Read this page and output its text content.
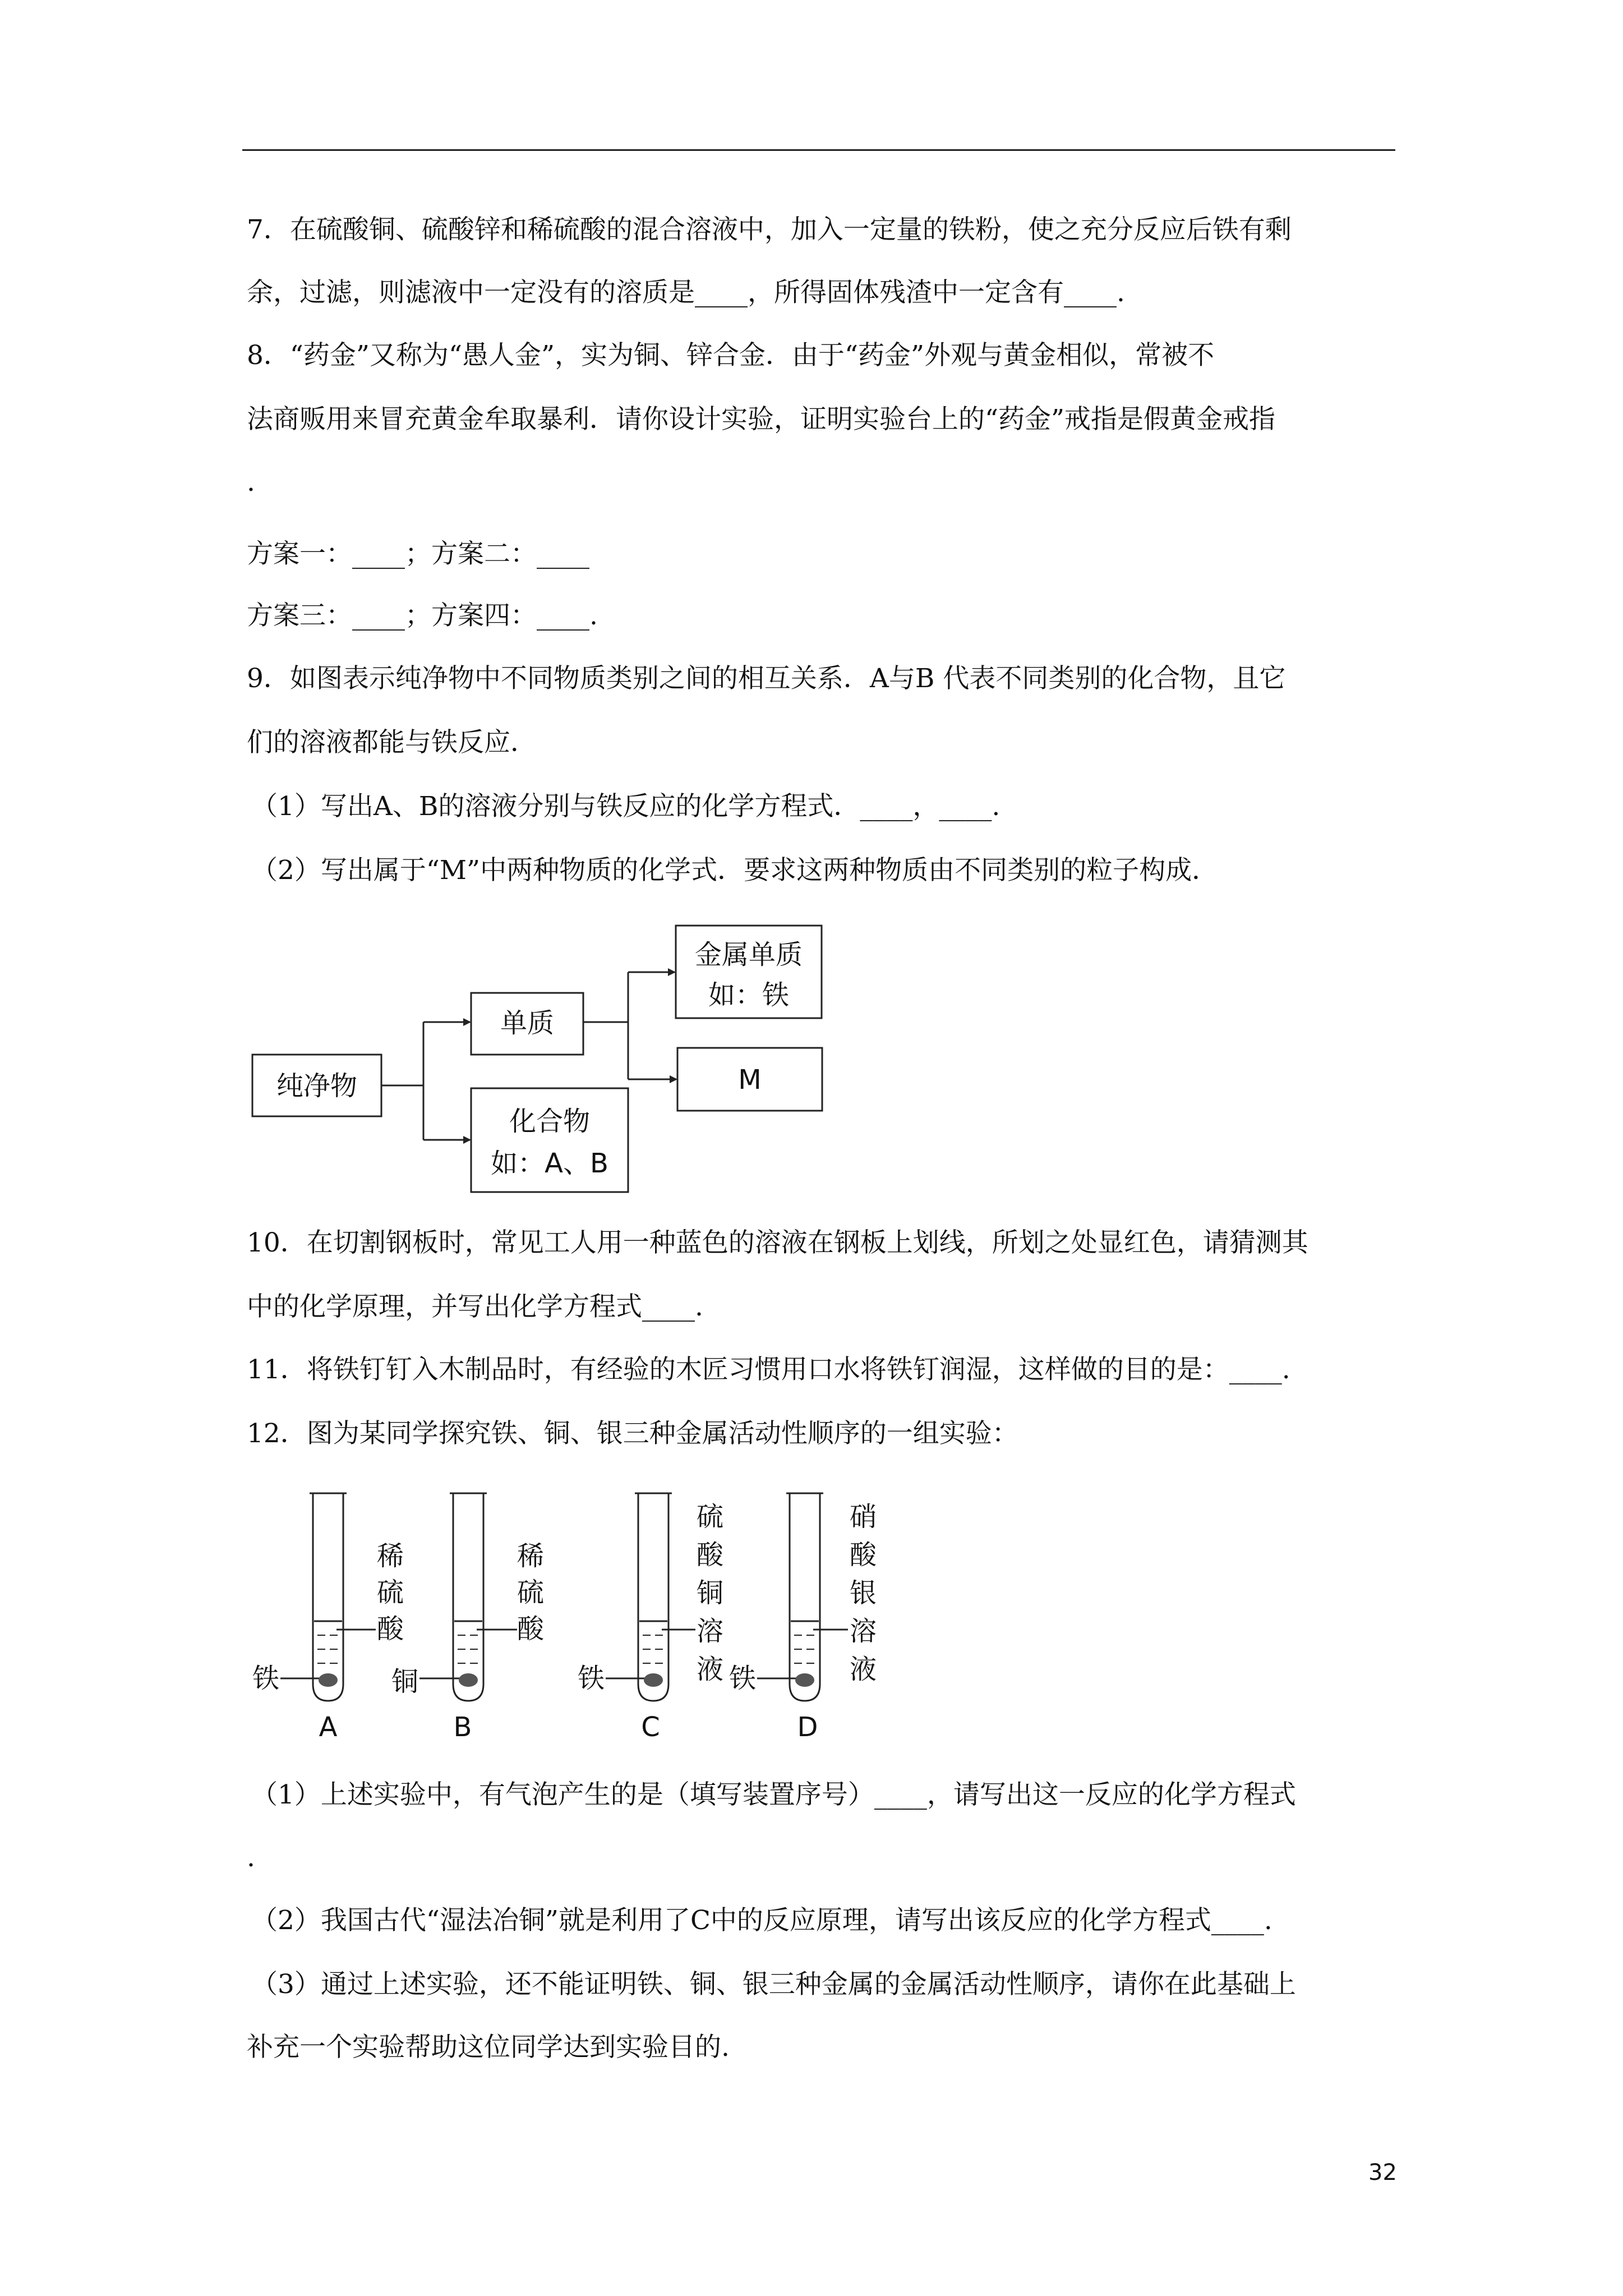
7．在硫酸铜、硫酸锌和稀硫酸的混合溶液中，加入一定量的铁粉，使之充分反应后铁有剩
余，过滤，则滤液中一定没有的溶质是____，所得固体残渣中一定含有____.
8．“药金”又称为“愚人金”，实为铜、锌合金．由于“药金”外观与黄金相似，常被不
法商贩用来冒充黄金牟取暴利．请你设计实验，证明实验台上的“药金”戒指是假黄金戒指
.
方案一：____；方案二：____
方案三：____；方案四：____.
9．如图表示纯净物中不同物质类别之间的相互关系．A与B 代表不同类别的化合物，且它
们的溶液都能与铁反应．
（1）写出A、B的溶液分别与铁反应的化学方程式．____，____.
（2）写出属于“M”中两种物质的化学式．要求这两种物质由不同类别的粒子构成．
纯净物
单质
化合物
如：A、B
金属单质
如：铁
M
10．在切割钢板时，常见工人用一种蓝色的溶液在钢板上划线，所划之处显红色，请猜测其
中的化学原理，并写出化学方程式____.
11．将铁钉钉入木制品时，有经验的木匠习惯用口水将铁钉润湿，这样做的目的是：____.
12．图为某同学探究铁、铜、银三种金属活动性顺序的一组实验：
铁	铜	铁	铁
稀
硫
酸
稀
硫
酸
硫
酸
铜
溶
液
硝
酸
银
溶
液
A	B	C	D
（1）上述实验中，有气泡产生的是（填写装置序号）____，请写出这一反应的化学方程式
.
（2）我国古代“湿法冶铜”就是利用了C中的反应原理，请写出该反应的化学方程式____.
（3）通过上述实验，还不能证明铁、铜、银三种金属的金属活动性顺序，请你在此基础上
补充一个实验帮助这位同学达到实验目的.
32
